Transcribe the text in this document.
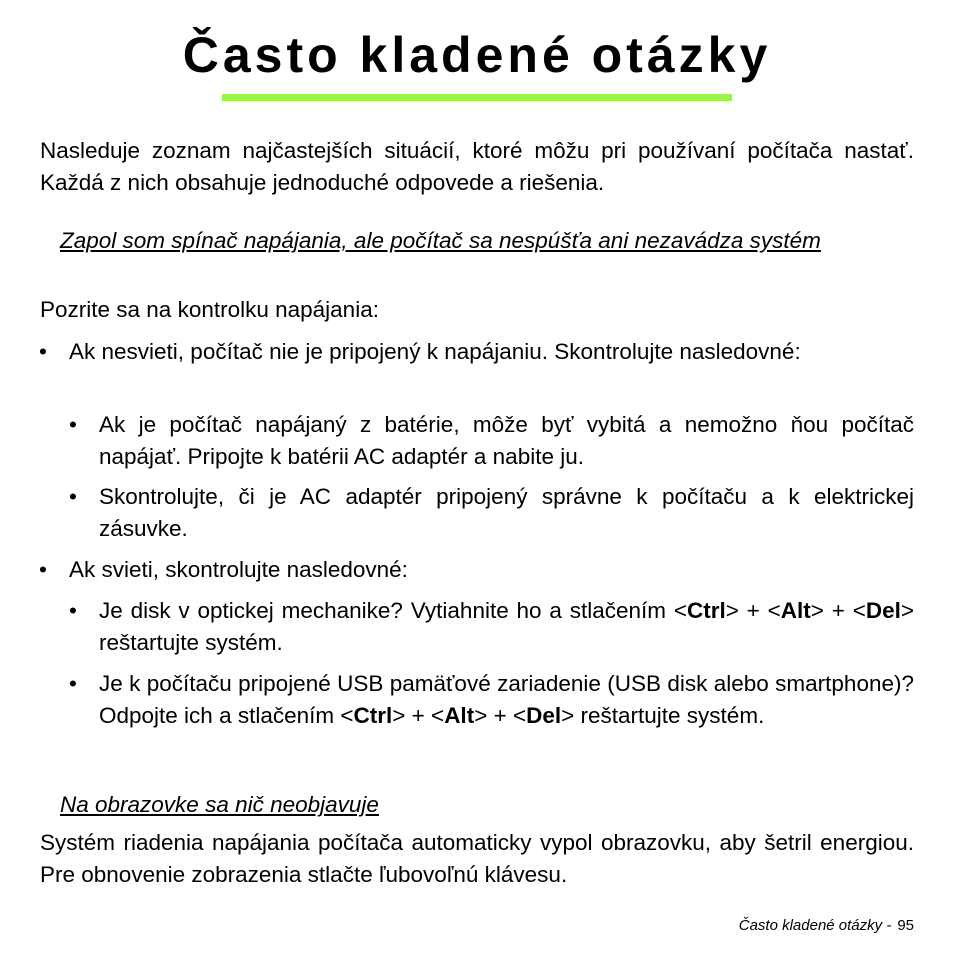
Často kladené otázky
Nasleduje zoznam najčastejších situácií, ktoré môžu pri používaní počítača nastať. Každá z nich obsahuje jednoduché odpovede a riešenia.
Zapol som spínač napájania, ale počítač sa nespúšťa ani nezavádza systém
Pozrite sa na kontrolku napájania:
• Ak nesvieti, počítač nie je pripojený k napájaniu. Skontrolujte nasledovné:
• Ak je počítač napájaný z batérie, môže byť vybitá a nemožno ňou počítač napájať. Pripojte k batérii AC adaptér a nabite ju.
• Skontrolujte, či je AC adaptér pripojený správne k počítaču a k elektrickej zásuvke.
• Ak svieti, skontrolujte nasledovné:
• Je disk v optickej mechanike? Vytiahnite ho a stlačením <Ctrl> + <Alt> + <Del> reštartujte systém.
• Je k počítaču pripojené USB pamäťové zariadenie (USB disk alebo smartphone)? Odpojte ich a stlačením <Ctrl> + <Alt> + <Del> reštartujte systém.
Na obrazovke sa nič neobjavuje
Systém riadenia napájania počítača automaticky vypol obrazovku, aby šetril energiou. Pre obnovenie zobrazenia stlačte ľubovoľnú klávesu.
Často kladené otázky - 95
